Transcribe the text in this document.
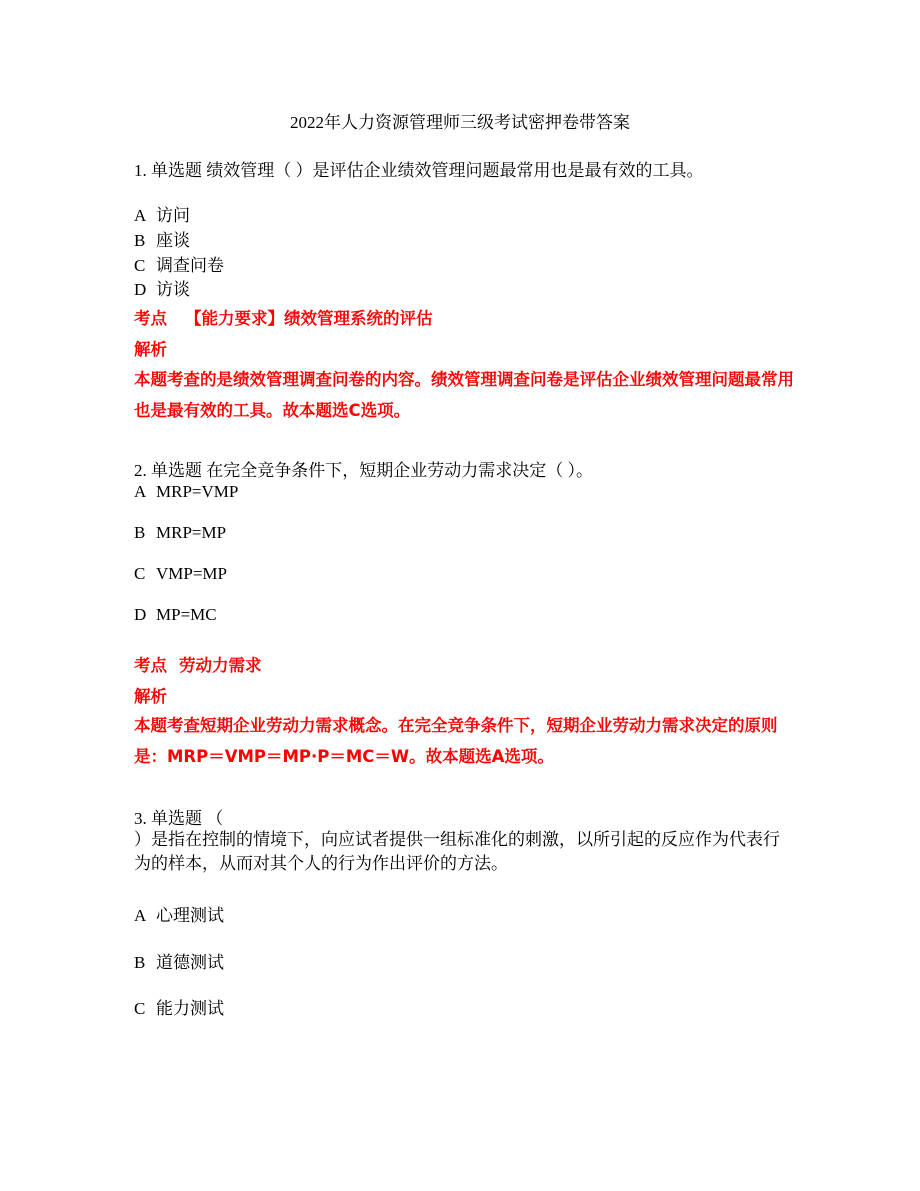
2022年人力资源管理师三级考试密押卷带答案
1. 单选题 绩效管理（ ）是评估企业绩效管理问题最常用也是最有效的工具。
A 访问
B 座谈
C 调查问卷
D 访谈
考点 【能力要求】绩效管理系统的评估
解析
本题考查的是绩效管理调查问卷的内容。绩效管理调查问卷是评估企业绩效管理问题最常用也是最有效的工具。故本题选C选项。
2. 单选题 在完全竞争条件下，短期企业劳动力需求决定（ ）。
A MRP=VMP
B MRP=MP
C VMP=MP
D MP=MC
考点 劳动力需求
解析
本题考查短期企业劳动力需求概念。在完全竞争条件下，短期企业劳动力需求决定的原则是：MRP＝VMP＝MP·P＝MC＝W。故本题选A选项。
3. 单选题 （
）是指在控制的情境下，向应试者提供一组标准化的刺激，以所引起的反应作为代表行为的样本，从而对其个人的行为作出评价的方法。
A 心理测试
B 道德测试
C 能力测试
